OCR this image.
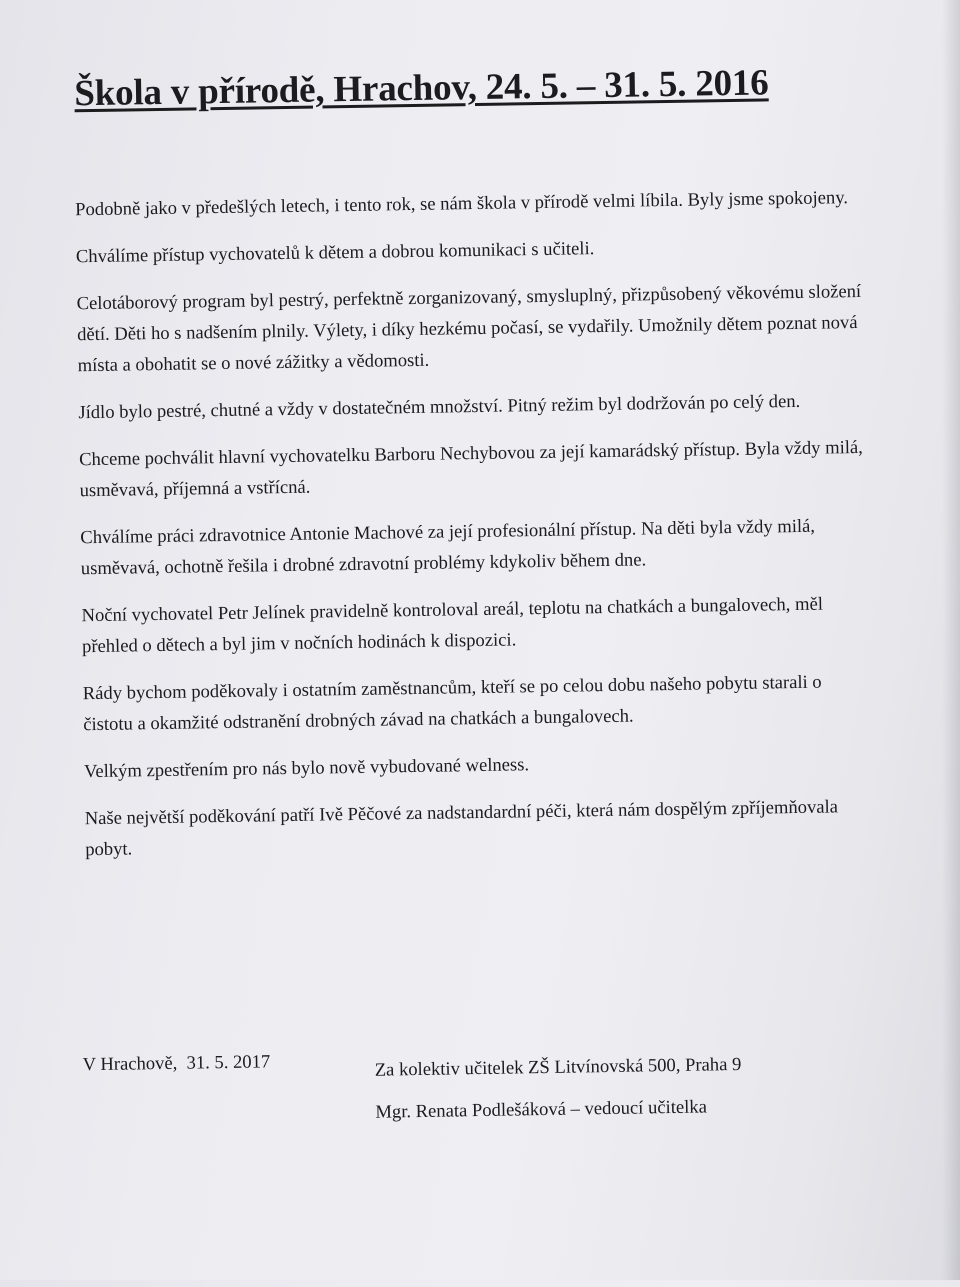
Škola v přírodě, Hrachov, 24. 5. – 31. 5. 2016

Podobně jako v předešlých letech, i tento rok, se nám škola v přírodě velmi líbila. Byly jsme spokojeny.

Chválíme přístup vychovatelů k dětem a dobrou komunikaci s učiteli.

Celotáborový program byl pestrý, perfektně zorganizovaný, smysluplný, přizpůsobený věkovému složení dětí. Děti ho s nadšením plnily. Výlety, i díky hezkému počasí, se vydařily. Umožnily dětem poznat nová místa a obohatit se o nové zážitky a vědomosti.

Jídlo bylo pestré, chutné a vždy v dostatečném množství. Pitný režim byl dodržován po celý den.

Chceme pochválit hlavní vychovatelku Barboru Nechybovou za její kamarádský přístup. Byla vždy milá, usměvavá, příjemná a vstřícná.

Chválíme práci zdravotnice Antonie Machové za její profesionální přístup. Na děti byla vždy milá, usměvavá, ochotně řešila i drobné zdravotní problémy kdykoliv během dne.

Noční vychovatel Petr Jelínek pravidelně kontroloval areál, teplotu na chatkách a bungalovech, měl přehled o dětech a byl jim v nočních hodinách k dispozici.

Rády bychom poděkovaly i ostatním zaměstnancům, kteří se po celou dobu našeho pobytu starali o čistotu a okamžité odstranění drobných závad na chatkách a bungalovech.

Velkým zpestřením pro nás bylo nově vybudované welness.

Naše největší poděkování patří Ivě Pěčové za nadstandardní péči, která nám dospělým zpříjemňovala pobyt.

V Hrachově,  31. 5. 2017	Za kolektiv učitelek ZŠ Litvínovská 500, Praha 9
Mgr. Renata Podlešáková – vedoucí učitelka
